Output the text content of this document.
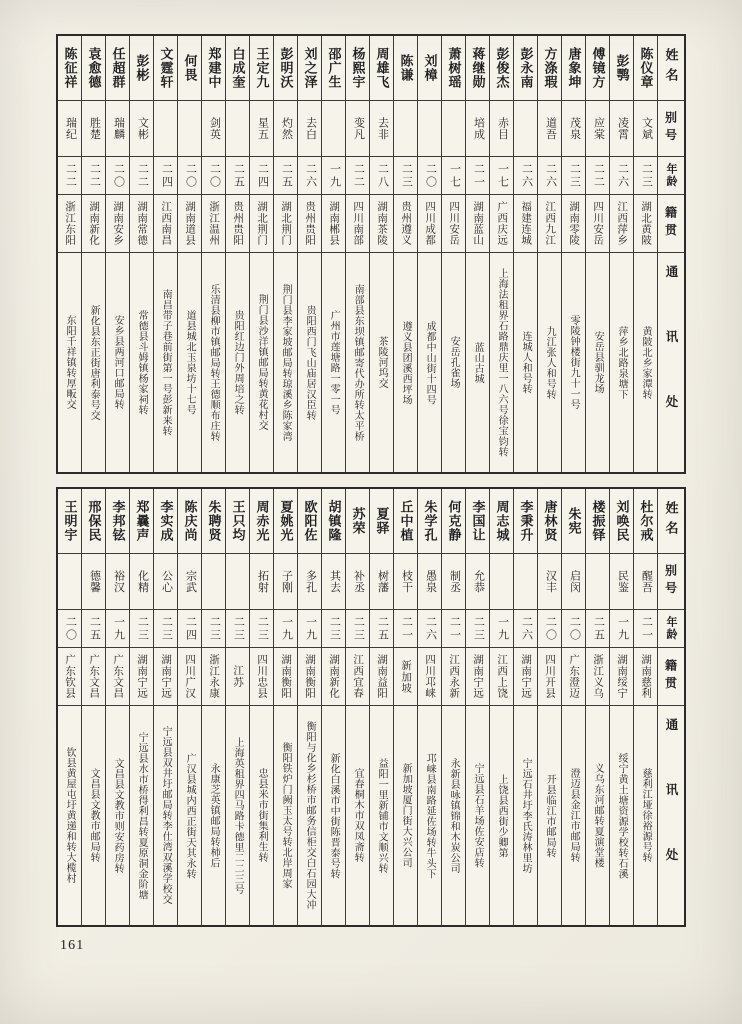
姓名
别号
年龄
籍贯
通讯处
陈仪章
文斌
二三
湖北黄陂
黄陂北乡家潭转
彭鹗
凌霄
二六
江西萍乡
萍乡北路泉塘下
傅镜方
应棠
二二
四川安岳
安岳县驯龙场
唐象坤
茂泉
二三
湖南零陵
零陵钟楼街九十一号
方涤瑕
道吾
二六
江西九江
九江张人和号转
彭永南
二六
福建连城
连城人和号转
彭俊杰
赤目
一七
广西庆远
上海法租界石路鼎庆里一八六号徐宝钧转
蒋继勋
培成
二一
湖南蓝山
蓝山古城
萧树瑶
一七
四川安岳
安岳孔雀场
刘樟
二〇
四川成都
成都中山街十四号
陈谦
二三
贵州遵义
遵义县团溪西坪场
周雄飞
去非
二八
湖南茶陵
茶陵河坞交
杨熙宇
变凡
二二
四川南部
南部县东坝镇邮寄代办所转太平桥
邵广生
一九
湖南郴县
广州市莲塘路一零一号
刘之泽
去白
二六
贵州贵阳
贵阳西门飞山庙居汉臣转
彭明沃
灼然
二五
湖北荆门
荆门县李家坡邮局转琼溪乡陈家湾
王定九
星五
二四
湖北荆门
荆门县沙洋镇邮局转黄花村交
白成奎
二五
贵州贵阳
贵阳红边门外周培之转
郑建中
剑英
二〇
浙江温州
乐清县柳市镇邮局转王德顺布庄转
何畏
二〇
湖南道县
道县城北玉泉坊十七号
文霆轩
二四
江西南昌
南昌带子巷前街第一号彭新来转
彭彬
文彬
二二
湖南常德
常德县斗姆镇杨家祠转
任超群
瑞麟
二〇
湖南安乡
安乡县两河口邮局转
袁愈德
胜楚
二二
湖南新化
新化县东正街唐利泰号交
陈征祥
瑞纪
二二
浙江东阳
东阳千祥镇转厚畈交
姓名
别号
年龄
籍贯
通讯处
杜尔戒
醒吾
二一
湖南慈利
慈利江垭徐裕源号转
刘唤民
民鉴
一九
湖南绥宁
绥宁黄土塘资源学校转石溪
楼振铎
二五
浙江义乌
义乌东河邮转夏演堂楼
朱宪
启闵
二〇
广东澄迈
澄迈县金江市邮局转
唐林贤
汉丰
二〇
四川开县
开县临江市邮局转
李秉升
二六
湖南宁远
宁远石井圩李氏涛林里坊
周志城
一九
江西上饶
上饶县西街少卿第
李国让
允恭
二三
湖南宁远
宁远县石羊场佐安店转
何克静
制丞
二一
江西永新
永新县咏镇锦和木炭公司
朱学孔
愚泉
二六
四川邛崃
邛崃县南路延佐场转牛头下
丘中植
枝干
二一
新加坡
新加坡厦门街大兴公司
夏驿
树藩
二五
湖南益阳
益阳一里新铺市文顺兴转
苏荣
补丞
二三
江西宜春
宜春桐木市双凤斋转
胡镇隆
其去
二三
湖南新化
新化白溪市中街陈晋泰号转
欧阳佐
多孔
一九
湖南衡阳
衡阳与化乡杉桥市邮务信柜交白石园大冲
夏姚光
子刚
一九
湖南衡阳
衡阳铁炉门阙玉太号转北岸周家
周赤光
拓射
二三
四川忠县
忠县米市街集利生转
王只均
二三
江苏
上海英租界四马路卡德里二二三号
朱聘贤
二三
浙江永康
永康芝英镇邮局转柿后
陈庆尚
宗武
二四
四川广汉
广汉县城内西正街天其永转
李实成
公心
二三
湖南宁远
宁远县双井圩邮局转李仕湾双溪学校交
郑曩声
化精
二三
湖南宁远
宁远县水市桥得利昌转夏原洞金阶塘
李邦铉
裕汉
一九
广东文昌
文昌县文教市则安药房转
邢保民
德馨
二五
广东文昌
文昌县文教市邮局转
王明宇
二〇
广东钦县
钦县黄屋屯圩黄递和转大榄村
161
